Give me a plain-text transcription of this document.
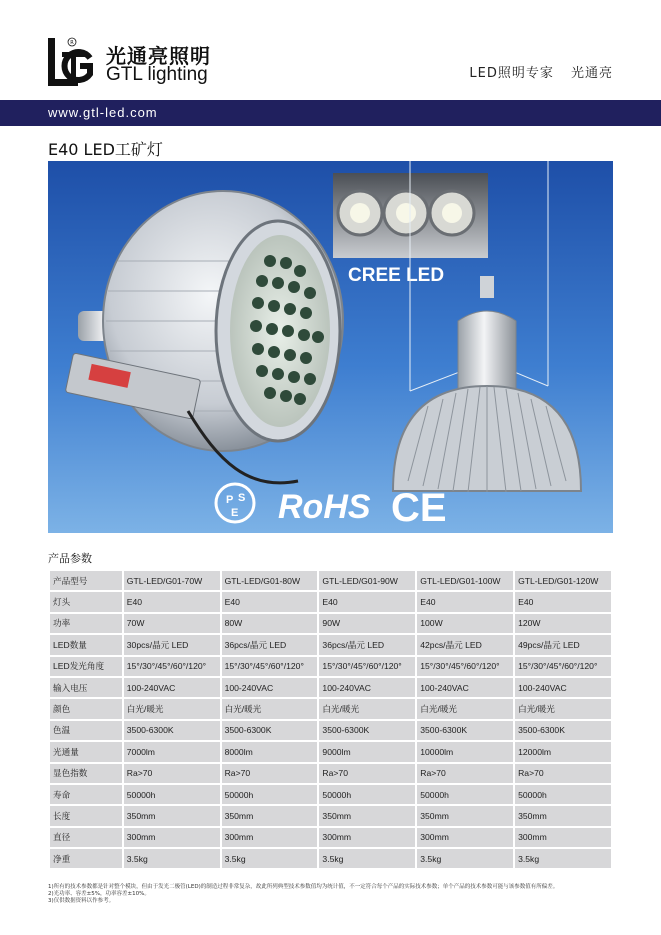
R
光通亮照明
GTL lighting	LED照明专家 光通亮
www.gtl-led.com
E40 LED工矿灯
CREE LED
P S
E RoHS CE
产品参数
产品型号	GTL-LED/G01-70W	GTL-LED/G01-80W	GTL-LED/G01-90W	GTL-LED/G01-100W	GTL-LED/G01-120W
灯头	E40	E40	E40	E40	E40
功率	70W	80W	90W	100W	120W
LED数量	30pcs/晶元 LED	36pcs/晶元 LED	36pcs/晶元 LED	42pcs/晶元 LED	49pcs/晶元 LED
LED发光角度	15°/30°/45°/60°/120°	15°/30°/45°/60°/120°	15°/30°/45°/60°/120°	15°/30°/45°/60°/120°	15°/30°/45°/60°/120°
输入电压	100-240VAC	100-240VAC	100-240VAC	100-240VAC	100-240VAC
颜色	白光/暖光	白光/暖光	白光/暖光	白光/暖光	白光/暖光
色温	3500-6300K	3500-6300K	3500-6300K	3500-6300K	3500-6300K
光通量	7000lm	8000lm	9000lm	10000lm	12000lm
显色指数	Ra>70	Ra>70	Ra>70	Ra>70	Ra>70
寿命	50000h	50000h	50000h	50000h	50000h
长度	350mm	350mm	350mm	350mm	350mm
直径	300mm	300mm	300mm	300mm	300mm
净重	3.5kg	3.5kg	3.5kg	3.5kg	3.5kg
1)所有的技术参数都是针对整个模块，但由于发光二极管(LED)的制造过程非常复杂，故此所列典型技术参数值均为统计值，不一定符合每个产品的实际技术参数；单个产品的技术参数可能与该参数值有所偏差。
2)光功率、容差±5%，功率容差±10%。
3)仅供数据资料以作参考。
